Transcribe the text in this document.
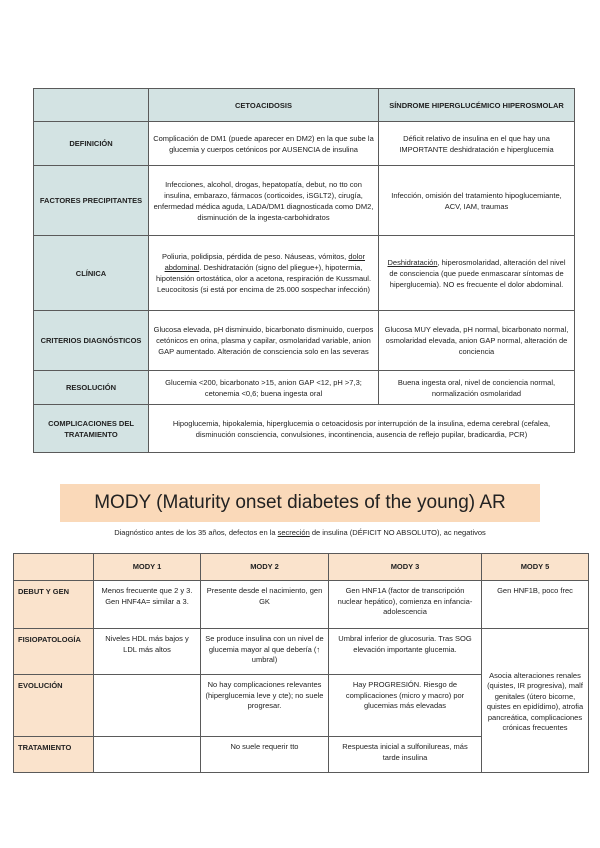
	CETOACIDOSIS	SÍNDROME HIPERGLUCÉMICO HIPEROSMOLAR
DEFINICIÓN	Complicación de DM1 (puede aparecer en DM2) en la que sube la glucemia y cuerpos cetónicos por AUSENCIA de insulina	Déficit relativo de insulina en el que hay una IMPORTANTE deshidratación e hiperglucemia
FACTORES PRECIPITANTES	Infecciones, alcohol, drogas, hepatopatía, debut, no tto con insulina, embarazo, fármacos (corticoides, iSGLT2), cirugía, enfermedad médica aguda, LADA/DM1 diagnosticada como DM2, disminución de la ingesta-carbohidratos	Infección, omisión del tratamiento hipoglucemiante, ACV, IAM, traumas
CLÍNICA	Poliuria, polidipsia, pérdida de peso. Náuseas, vómitos, dolor abdominal. Deshidratación (signo del pliegue+), hipotermia, hipotensión ortostática, olor a acetona, respiración de Kussmaul. Leucocitosis (si está por encima de 25.000 sospechar infección)	Deshidratación, hiperosmolaridad, alteración del nivel de consciencia (que puede enmascarar síntomas de hiperglucemia). NO es frecuente el dolor abdominal.
CRITERIOS DIAGNÓSTICOS	Glucosa elevada, pH disminuido, bicarbonato disminuido, cuerpos cetónicos en orina, plasma y capilar, osmolaridad variable, anion GAP aumentado. Alteración de consciencia solo en las severas	Glucosa MUY elevada, pH normal, bicarbonato normal, osmolaridad elevada, anion GAP normal, alteración de conciencia
RESOLUCIÓN	Glucemia <200, bicarbonato >15, anion GAP <12, pH >7,3; cetonemia <0,6; buena ingesta oral	Buena ingesta oral, nivel de conciencia normal, normalización osmolaridad
COMPLICACIONES DEL TRATAMIENTO	Hipoglucemia, hipokalemia, hiperglucemia o cetoacidosis por interrupción de la insulina, edema cerebral (cefalea, disminución consciencia, convulsiones, incontinencia, ausencia de reflejo pupilar, bradicardia, PCR)	
MODY (Maturity onset diabetes of the young) AR
Diagnóstico antes de los 35 años, defectos en la secreción de insulina (DÉFICIT NO ABSOLUTO), ac negativos
	MODY 1	MODY 2	MODY 3	MODY 5
DEBUT Y GEN	Menos frecuente que 2 y 3. Gen HNF4A= similar a 3.	Presente desde el nacimiento, gen GK	Gen HNF1A (factor de transcripción nuclear hepático), comienza en infancia-adolescencia	Gen HNF1B, poco frec
FISIOPATOLOGÍA	Niveles HDL más bajos y LDL más altos	Se produce insulina con un nivel de glucemia mayor al que debería (↑ umbral)	Umbral inferior de glucosuria. Tras SOG elevación importante glucemia.	Asocia alteraciones renales (quistes, IR progresiva), malf genitales (útero bicorne, quistes en epidídimo), atrofia pancreática, complicaciones crónicas frecuentes
EVOLUCIÓN		No hay complicaciones relevantes (hiperglucemia leve y cte); no suele progresar.	Hay PROGRESIÓN. Riesgo de complicaciones (micro y macro) por glucemias más elevadas	
TRATAMIENTO		No suele requerir tto	Respuesta inicial a sulfonilureas, más tarde insulina	
